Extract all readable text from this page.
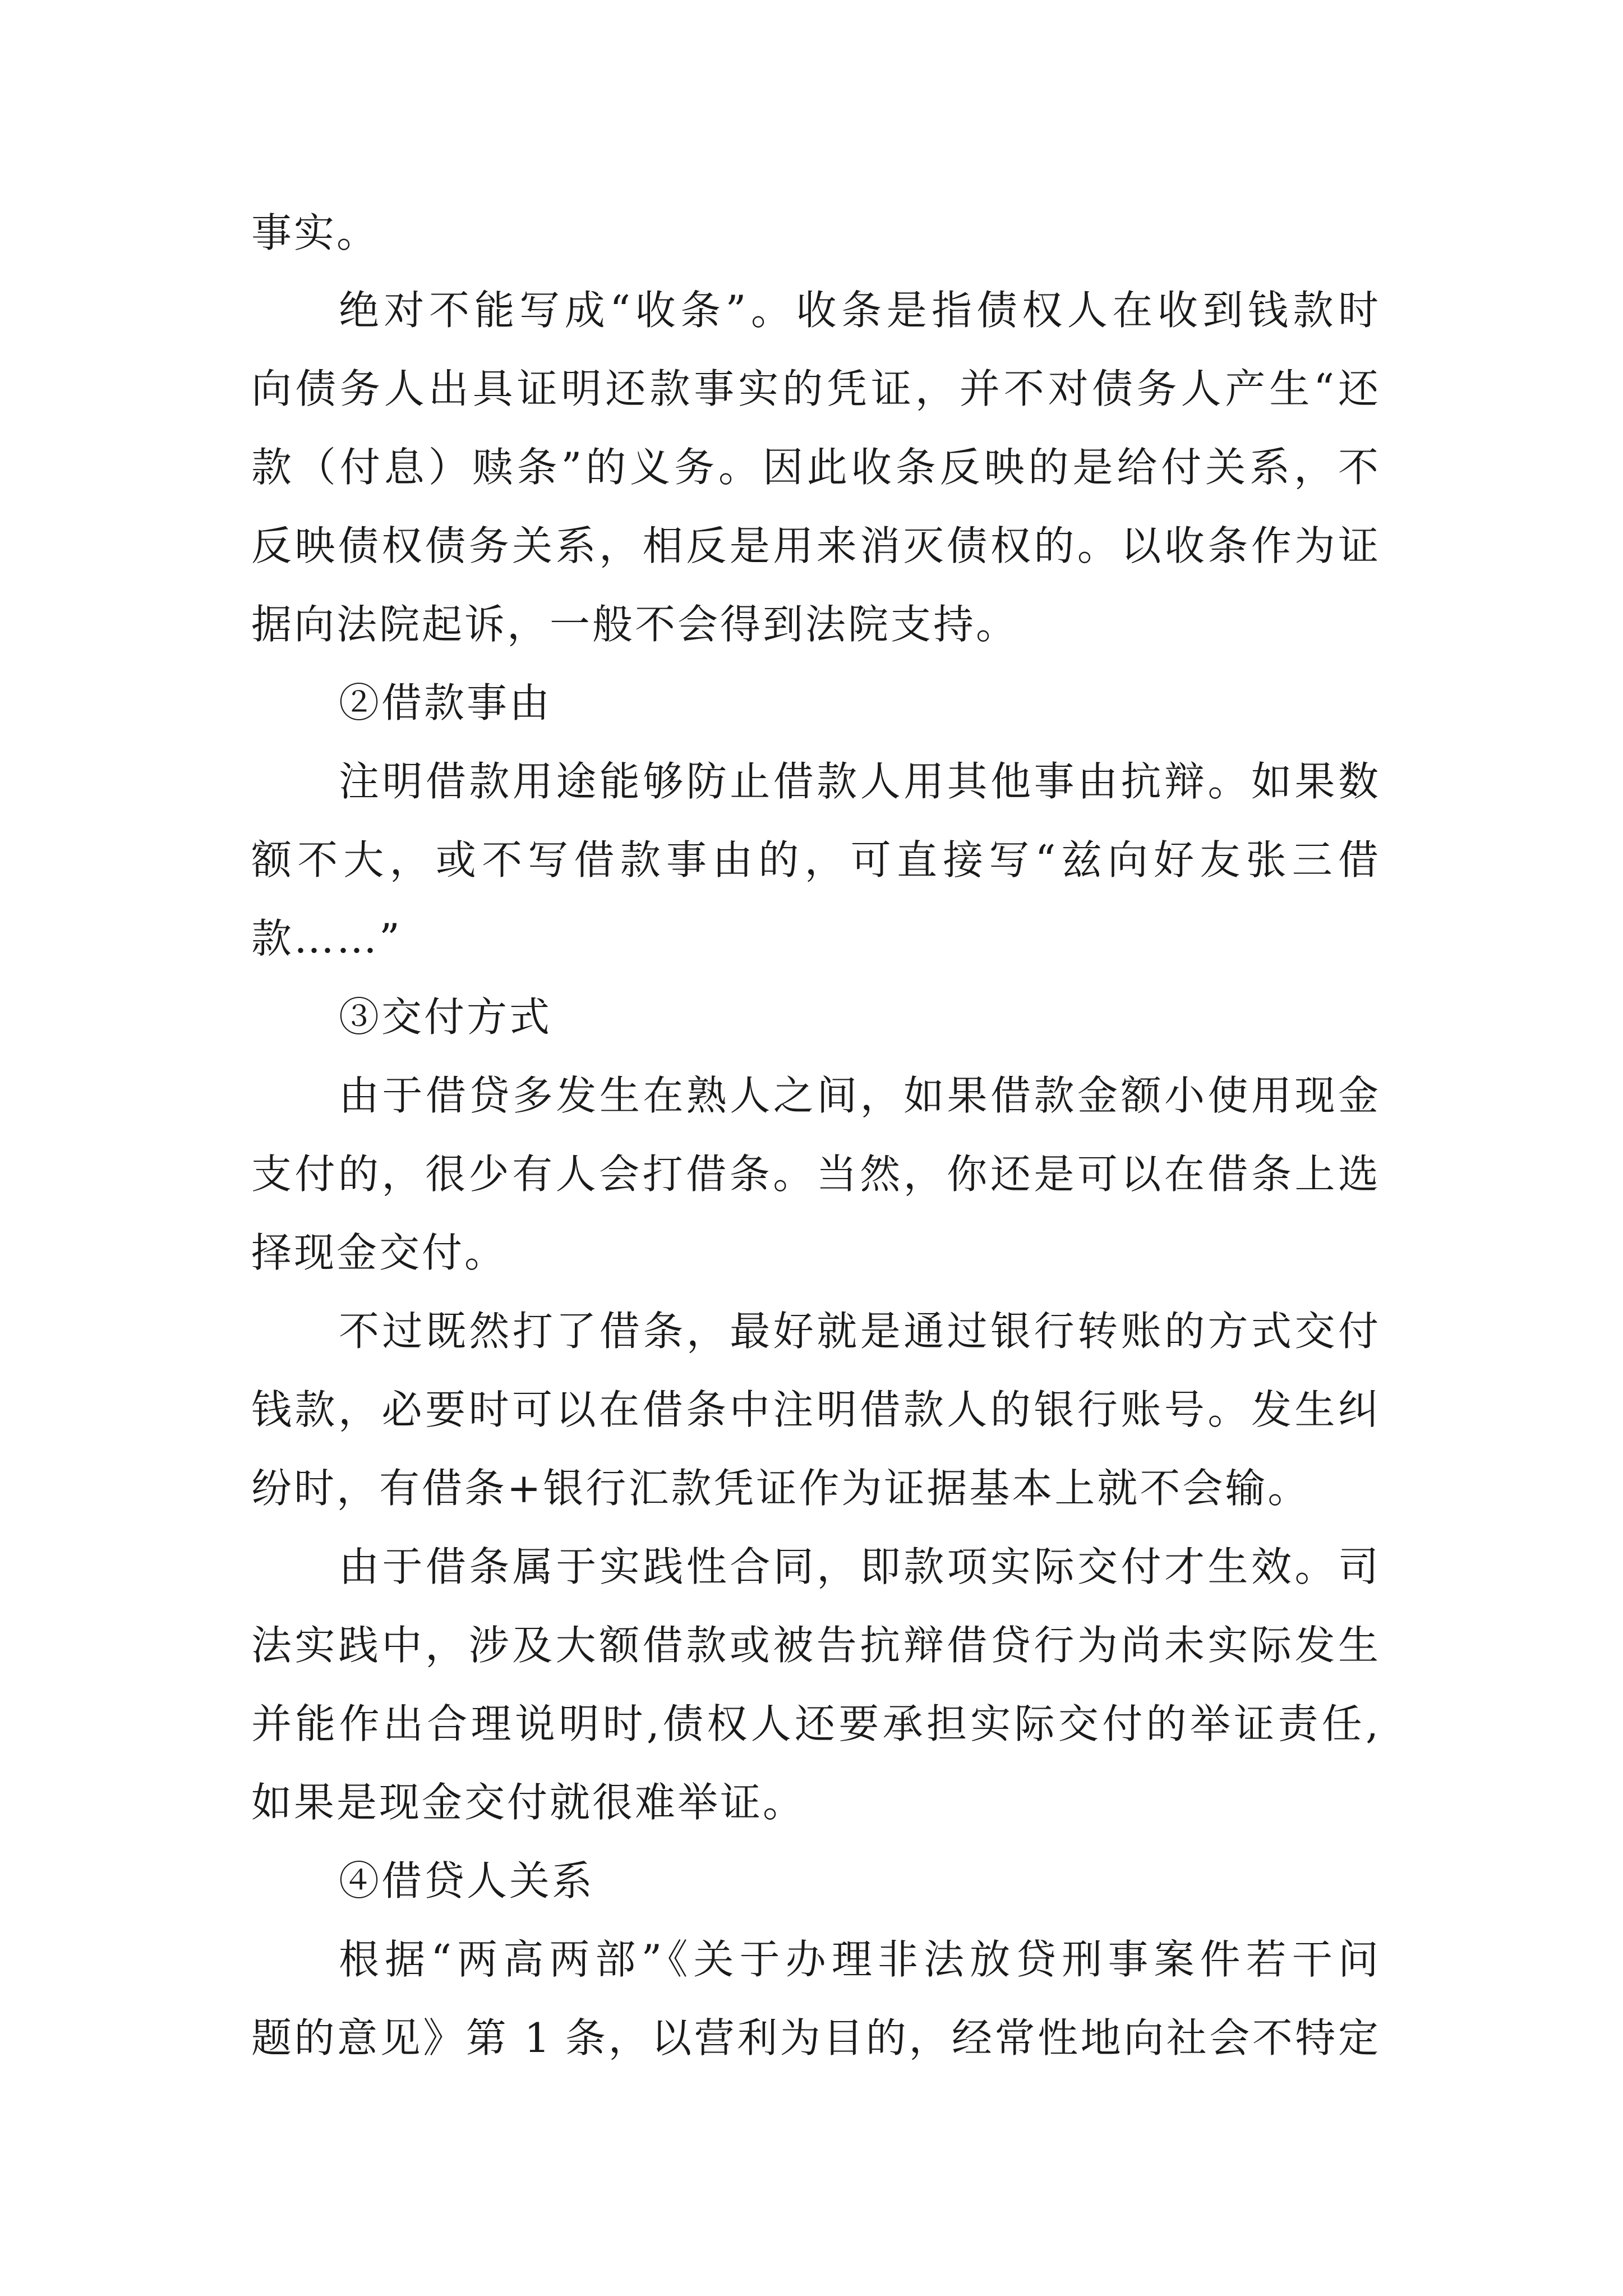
事实。
绝对不能写成“收条”。收条是指债权人在收到钱款时
向债务人出具证明还款事实的凭证，并不对债务人产生“还
款（付息）赎条”的义务。因此收条反映的是给付关系，不
反映债权债务关系，相反是用来消灭债权的。以收条作为证
据向法院起诉，一般不会得到法院支持。
②借款事由
注明借款用途能够防止借款人用其他事由抗辩。如果数
额不大，或不写借款事由的，可直接写“兹向好友张三借
款……”
③交付方式
由于借贷多发生在熟人之间，如果借款金额小使用现金
支付的，很少有人会打借条。当然，你还是可以在借条上选
择现金交付。
不过既然打了借条，最好就是通过银行转账的方式交付
钱款，必要时可以在借条中注明借款人的银行账号。发生纠
纷时，有借条+银行汇款凭证作为证据基本上就不会输。
由于借条属于实践性合同，即款项实际交付才生效。司
法实践中，涉及大额借款或被告抗辩借贷行为尚未实际发生
并能作出合理说明时,债权人还要承担实际交付的举证责任,
如果是现金交付就很难举证。
④借贷人关系
根据“两高两部”《关于办理非法放贷刑事案件若干问
题的意见》第 1 条，以营利为目的，经常性地向社会不特定
